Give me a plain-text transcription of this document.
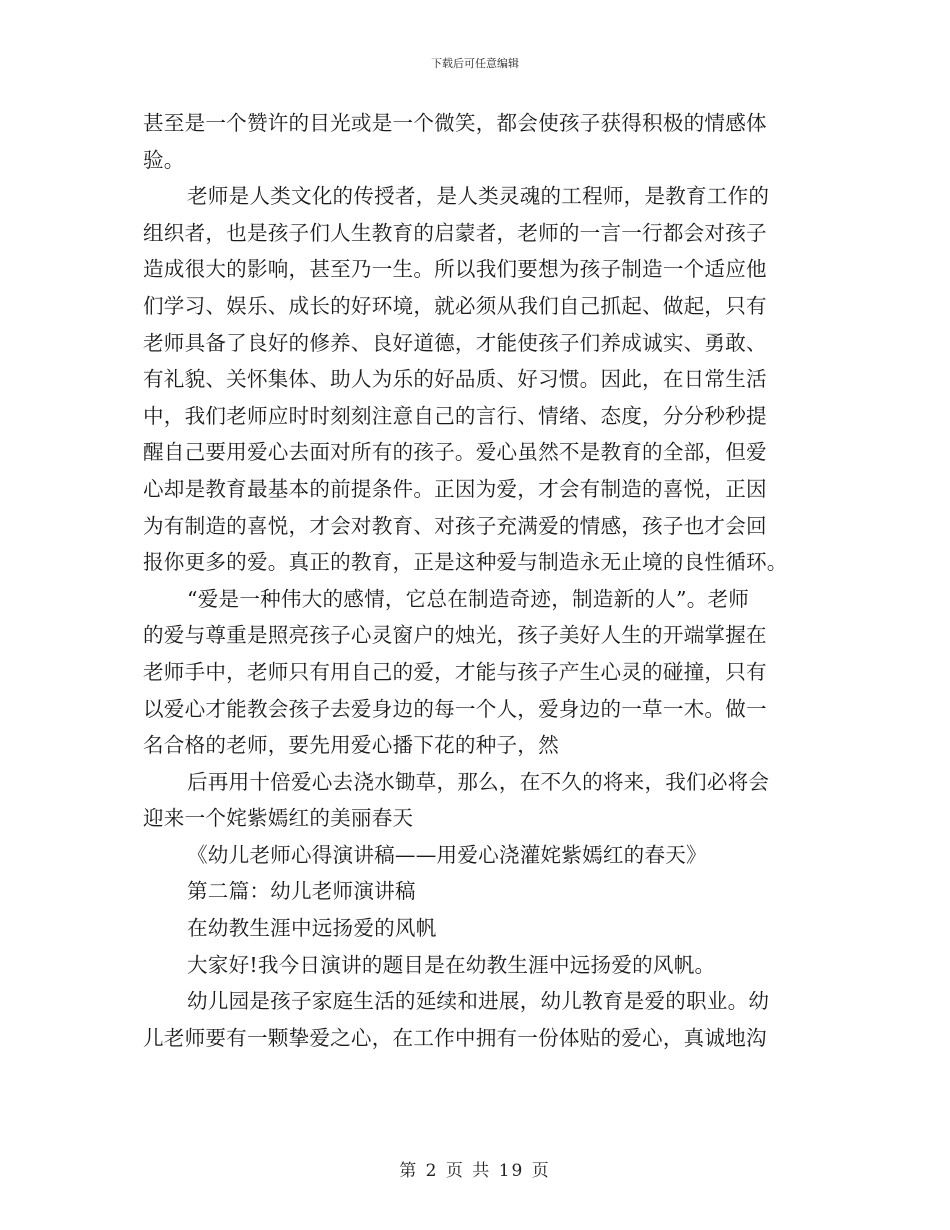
下载后可任意编辑
甚至是一个赞许的目光或是一个微笑，都会使孩子获得积极的情感体
验。
老师是人类文化的传授者，是人类灵魂的工程师，是教育工作的
组织者，也是孩子们人生教育的启蒙者，老师的一言一行都会对孩子
造成很大的影响，甚至乃一生。所以我们要想为孩子制造一个适应他
们学习、娱乐、成长的好环境，就必须从我们自己抓起、做起，只有
老师具备了良好的修养、良好道德，才能使孩子们养成诚实、勇敢、
有礼貌、关怀集体、助人为乐的好品质、好习惯。因此，在日常生活
中，我们老师应时时刻刻注意自己的言行、情绪、态度，分分秒秒提
醒自己要用爱心去面对所有的孩子。爱心虽然不是教育的全部，但爱
心却是教育最基本的前提条件。正因为爱，才会有制造的喜悦，正因
为有制造的喜悦，才会对教育、对孩子充满爱的情感，孩子也才会回
报你更多的爱。真正的教育，正是这种爱与制造永无止境的良性循环。
“爱是一种伟大的感情，它总在制造奇迹，制造新的人”。老师
的爱与尊重是照亮孩子心灵窗户的烛光，孩子美好人生的开端掌握在
老师手中，老师只有用自己的爱，才能与孩子产生心灵的碰撞，只有
以爱心才能教会孩子去爱身边的每一个人，爱身边的一草一木。做一
名合格的老师，要先用爱心播下花的种子，然
后再用十倍爱心去浇水锄草，那么，在不久的将来，我们必将会
迎来一个姹紫嫣红的美丽春天
《幼儿老师心得演讲稿——用爱心浇灌姹紫嫣红的春天》
第二篇：幼儿老师演讲稿
在幼教生涯中远扬爱的风帆
大家好!我今日演讲的题目是在幼教生涯中远扬爱的风帆。
幼儿园是孩子家庭生活的延续和进展，幼儿教育是爱的职业。幼
儿老师要有一颗挚爱之心，在工作中拥有一份体贴的爱心，真诚地沟
第 2 页 共 19 页
